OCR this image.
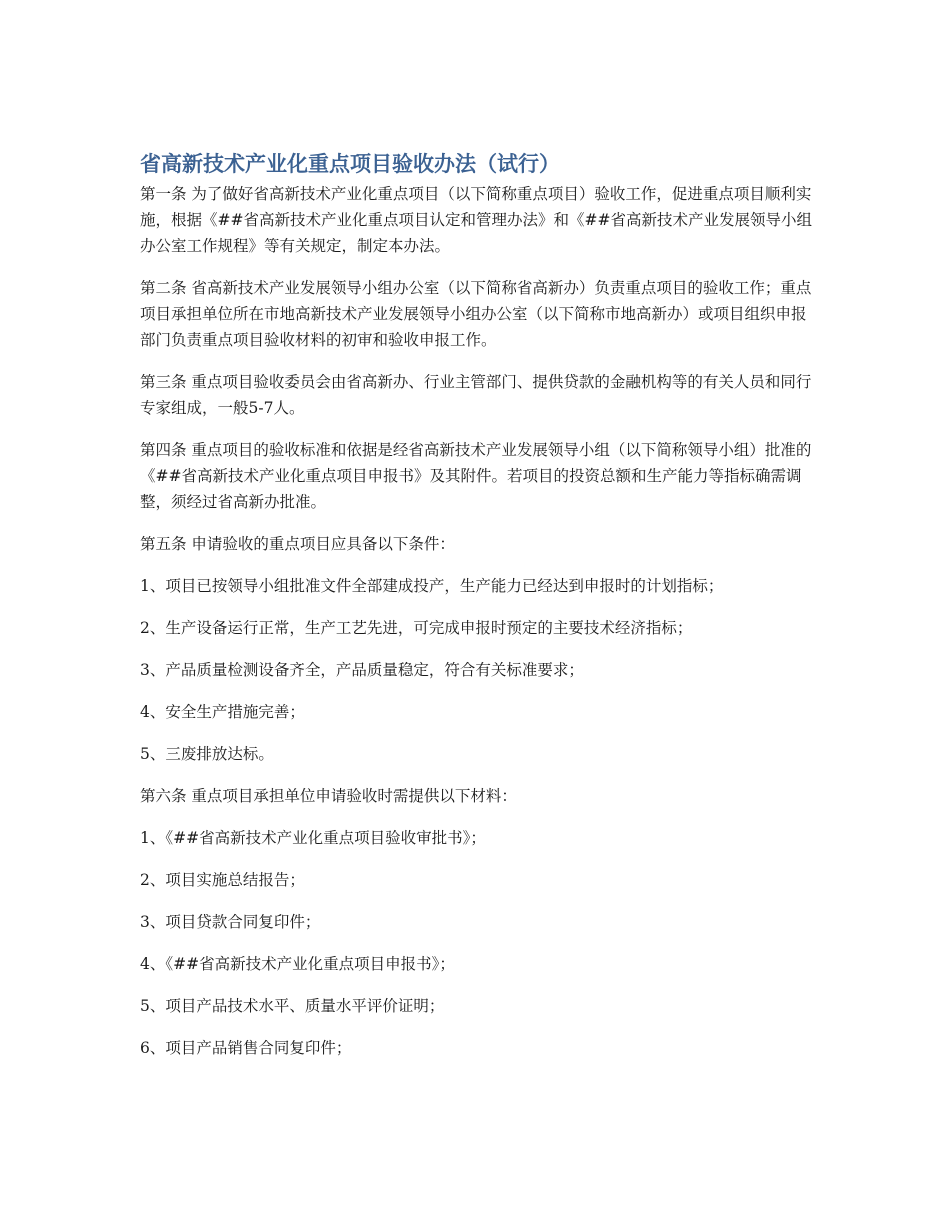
省高新技术产业化重点项目验收办法（试行）

第一条 为了做好省高新技术产业化重点项目（以下简称重点项目）验收工作，促进重点项目顺利实施，根据《##省高新技术产业化重点项目认定和管理办法》和《##省高新技术产业发展领导小组办公室工作规程》等有关规定，制定本办法。

第二条 省高新技术产业发展领导小组办公室（以下简称省高新办）负责重点项目的验收工作；重点项目承担单位所在市地高新技术产业发展领导小组办公室（以下简称市地高新办）或项目组织申报部门负责重点项目验收材料的初审和验收申报工作。

第三条 重点项目验收委员会由省高新办、行业主管部门、提供贷款的金融机构等的有关人员和同行专家组成，一般5-7人。

第四条 重点项目的验收标准和依据是经省高新技术产业发展领导小组（以下简称领导小组）批准的《##省高新技术产业化重点项目申报书》及其附件。若项目的投资总额和生产能力等指标确需调整，须经过省高新办批准。

第五条 申请验收的重点项目应具备以下条件：

1、项目已按领导小组批准文件全部建成投产，生产能力已经达到申报时的计划指标；

2、生产设备运行正常，生产工艺先进，可完成申报时预定的主要技术经济指标；

3、产品质量检测设备齐全，产品质量稳定，符合有关标准要求；

4、安全生产措施完善；

5、三废排放达标。

第六条 重点项目承担单位申请验收时需提供以下材料：

1、《##省高新技术产业化重点项目验收审批书》；

2、项目实施总结报告；

3、项目贷款合同复印件；

4、《##省高新技术产业化重点项目申报书》；

5、项目产品技术水平、质量水平评价证明；

6、项目产品销售合同复印件；
